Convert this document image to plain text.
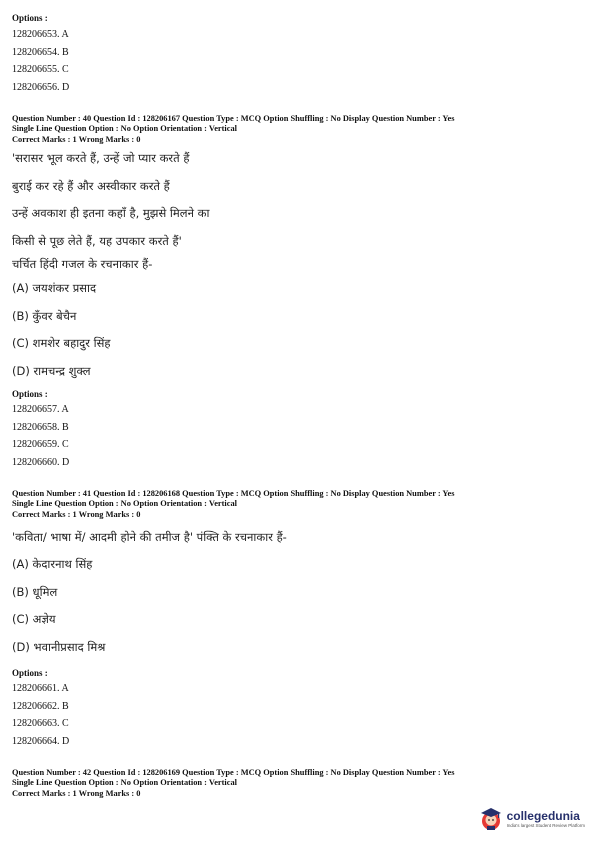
Options :
128206653. A
128206654. B
128206655. C
128206656. D
Question Number : 40 Question Id : 128206167 Question Type : MCQ Option Shuffling : No Display Question Number : Yes
Single Line Question Option : No Option Orientation : Vertical
Correct Marks : 1 Wrong Marks : 0
'सरासर भूल करते हैं, उन्हें जो प्यार करते हैं
बुराई कर रहे हैं और अस्वीकार करते हैं
उन्हें अवकाश ही इतना कहाँ है, मुझसे मिलने का
किसी से पूछ लेते हैं, यह उपकार करते हैं'
चर्चित हिंदी गजल के रचनाकार हैं-
(A) जयशंकर प्रसाद
(B) कुँवर बेचैन
(C) शमशेर बहादुर सिंह
(D) रामचन्द्र शुक्ल
Options :
128206657. A
128206658. B
128206659. C
128206660. D
Question Number : 41 Question Id : 128206168 Question Type : MCQ Option Shuffling : No Display Question Number : Yes
Single Line Question Option : No Option Orientation : Vertical
Correct Marks : 1 Wrong Marks : 0
'कविता/ भाषा में/ आदमी होने की तमीज है' पंक्ति के रचनाकार हैं-
(A) केदारनाथ सिंह
(B) धूमिल
(C) अज्ञेय
(D) भवानीप्रसाद मिश्र
Options :
128206661. A
128206662. B
128206663. C
128206664. D
Question Number : 42 Question Id : 128206169 Question Type : MCQ Option Shuffling : No Display Question Number : Yes
Single Line Question Option : No Option Orientation : Vertical
Correct Marks : 1 Wrong Marks : 0
collegedunia
India's largest Student Review Platform
